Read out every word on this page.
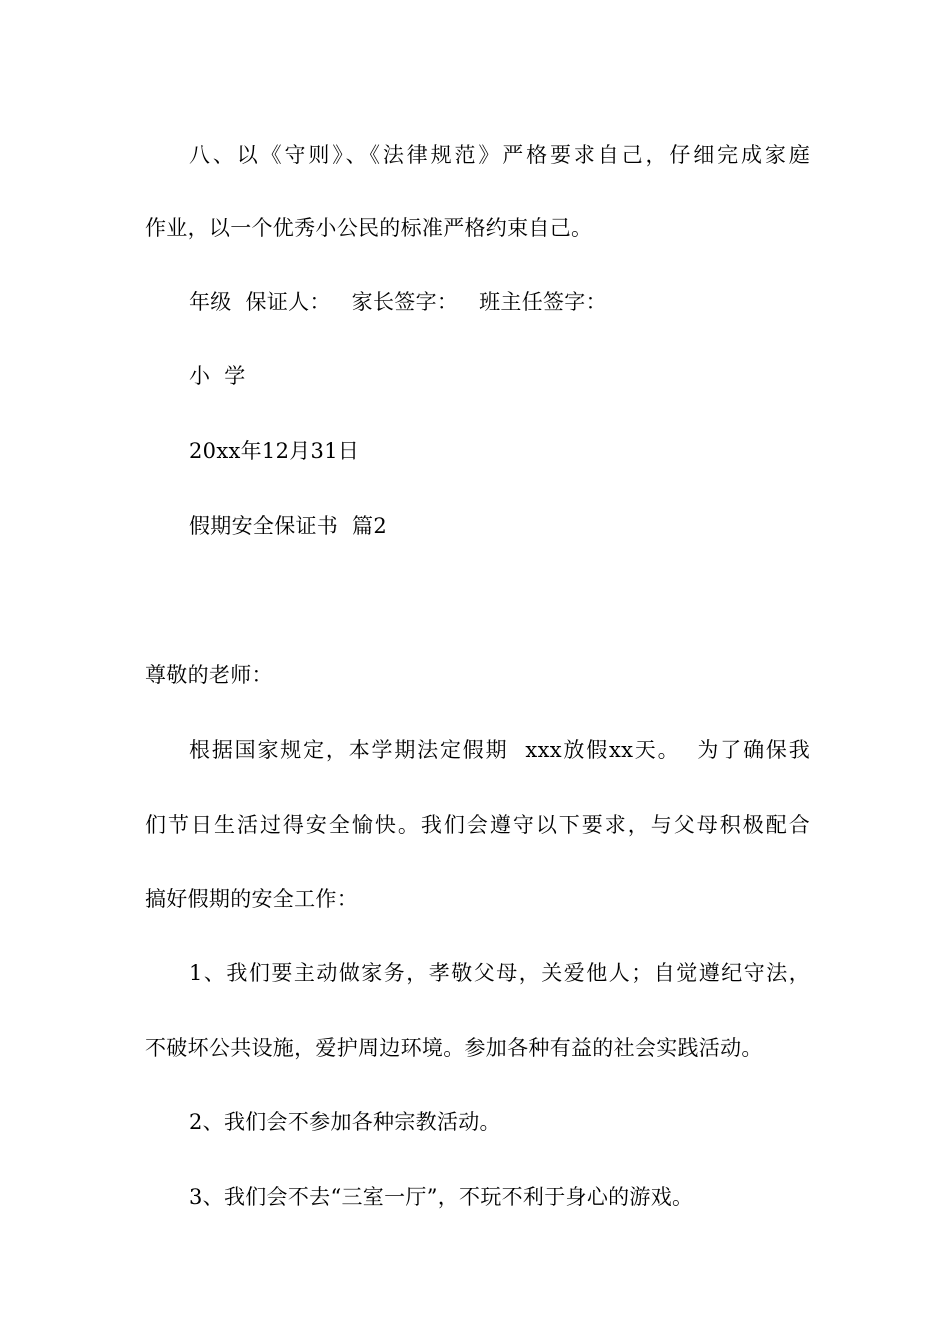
八、以《守则》、《法律规范》严格要求自己，仔细完成家庭
作业，以一个优秀小公民的标准严格约束自己。
年级  保证人：   家长签字：   班主任签字：
小  学
20xx年12月31日
假期安全保证书  篇2
尊敬的老师：
根据国家规定，本学期法定假期  xxx放假xx天。  为了确保我
们节日生活过得安全愉快。我们会遵守以下要求，与父母积极配合
搞好假期的安全工作：
1、我们要主动做家务，孝敬父母，关爱他人；自觉遵纪守法，
不破坏公共设施，爱护周边环境。参加各种有益的社会实践活动。
2、我们会不参加各种宗教活动。
3、我们会不去“三室一厅”，不玩不利于身心的游戏。
